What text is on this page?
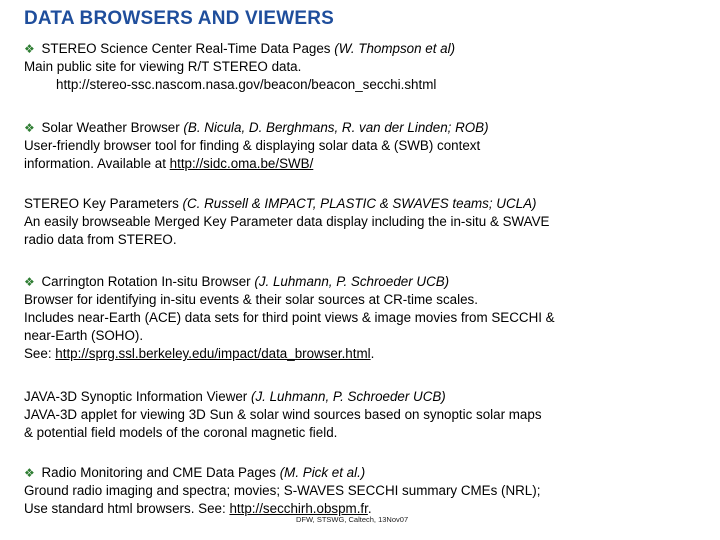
DATA BROWSERS AND VIEWERS
❖ STEREO Science Center Real-Time Data Pages (W. Thompson et al)
Main public site for viewing R/T STEREO data.
http://stereo-ssc.nascom.nasa.gov/beacon/beacon_secchi.shtml
❖ Solar Weather Browser (B. Nicula, D. Berghmans, R. van der Linden; ROB)
User-friendly browser tool for finding & displaying solar data & (SWB) context
information. Available at http://sidc.oma.be/SWB/
STEREO Key Parameters (C. Russell & IMPACT, PLASTIC & SWAVES teams; UCLA)
An easily browseable Merged Key Parameter data display including the in-situ & SWAVE
radio data from STEREO.
❖ Carrington Rotation In-situ Browser (J. Luhmann, P. Schroeder UCB)
Browser for identifying in-situ events & their solar sources at CR-time scales.
Includes near-Earth (ACE) data sets for third point views & image movies from SECCHI &
near-Earth (SOHO).
See: http://sprg.ssl.berkeley.edu/impact/data_browser.html.
JAVA-3D Synoptic Information Viewer (J. Luhmann, P. Schroeder UCB)
JAVA-3D applet for viewing 3D Sun & solar wind sources based on synoptic solar maps
& potential field models of the coronal magnetic field.
❖ Radio Monitoring and CME Data Pages (M. Pick et al.)
Ground radio imaging and spectra; movies; S-WAVES SECCHI summary CMEs (NRL);
Use standard html browsers. See: http://secchirh.obspm.fr.
DFW, STSWG, Caltech, 13Nov07
